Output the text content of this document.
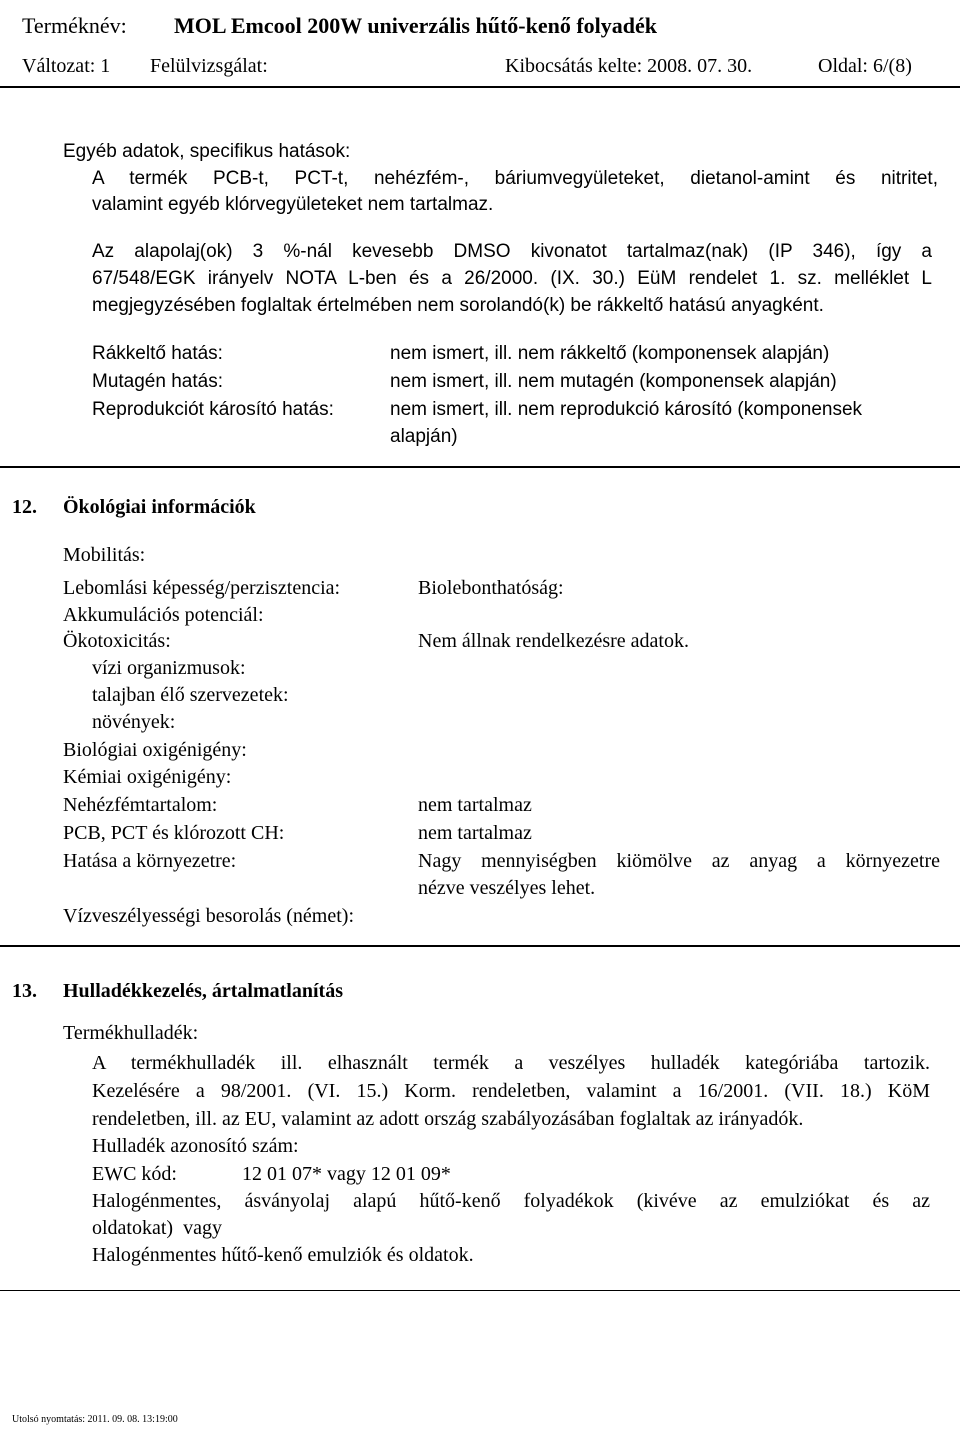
Terméknév: MOL Emcool 200W univerzális hűtő-kenő folyadék
Változat: 1 Felülvizsgálat:	Kibocsátás kelte: 2008. 07. 30.	Oldal: 6/(8)
Egyéb adatok, specifikus hatások:
A termék PCB-t, PCT-t, nehézfém-, báriumvegyületeket, dietanol-amint és nitritet,
valamint egyéb klórvegyületeket nem tartalmaz.
Az alapolaj(ok) 3 %-nál kevesebb DMSO kivonatot tartalmaz(nak) (IP 346), így a
67/548/EGK irányelv NOTA L-ben és a 26/2000. (IX. 30.) EüM rendelet 1. sz. melléklet L
megjegyzésében foglaltak értelmében nem sorolandó(k) be rákkeltő hatású anyagként.
Rákkeltő hatás:	nem ismert, ill. nem rákkeltő (komponensek alapján)
Mutagén hatás:	nem ismert, ill. nem mutagén (komponensek alapján)
Reprodukciót károsító hatás:	nem ismert, ill. nem reprodukció károsító (komponensek
alapján)
12. Ökológiai információk
Mobilitás:
Lebomlási képesség/perzisztencia:	Biolebonthatóság:
Akkumulációs potenciál:
Ökotoxicitás:	Nem állnak rendelkezésre adatok.
vízi organizmusok:
talajban élő szervezetek:
növények:
Biológiai oxigénigény:
Kémiai oxigénigény:
Nehézfémtartalom:	nem tartalmaz
PCB, PCT és klórozott CH:	nem tartalmaz
Hatása a környezetre:	Nagy mennyiségben kiömölve az anyag a környezetre
nézve veszélyes lehet.
Vízveszélyességi besorolás (német):
13. Hulladékkezelés, ártalmatlanítás
Termékhulladék:
A termékhulladék ill. elhasznált termék a veszélyes hulladék kategóriába tartozik.
Kezelésére a 98/2001. (VI. 15.) Korm. rendeletben, valamint a 16/2001. (VII. 18.) KöM
rendeletben, ill. az EU, valamint az adott ország szabályozásában foglaltak az irányadók.
Hulladék azonosító szám:
EWC kód:	12 01 07* vagy 12 01 09*
Halogénmentes, ásványolaj alapú hűtő-kenő folyadékok (kivéve az emulziókat és az
oldatokat)  vagy
Halogénmentes hűtő-kenő emulziók és oldatok.
Utolsó nyomtatás: 2011. 09. 08. 13:19:00
